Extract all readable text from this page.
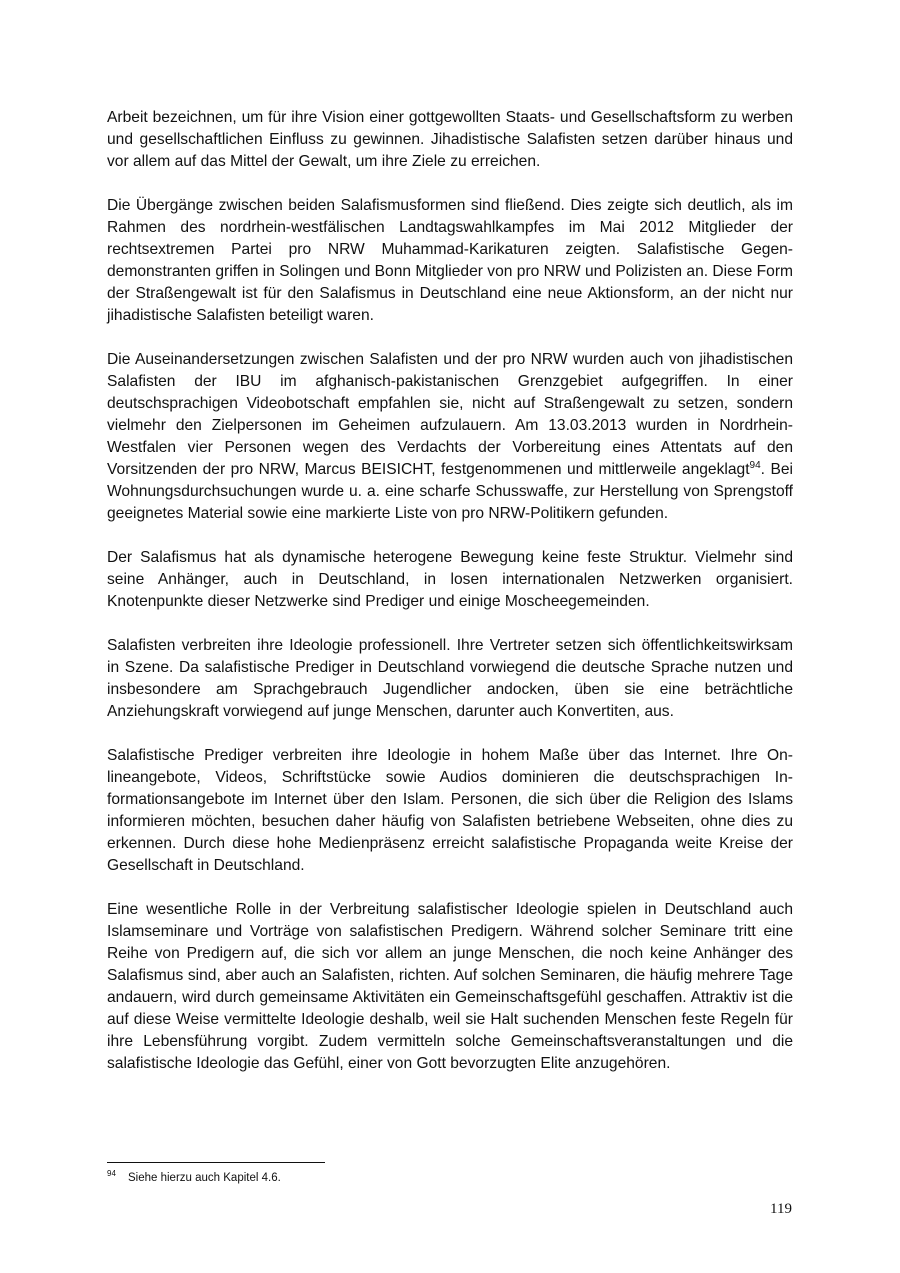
Arbeit bezeichnen, um für ihre Vision einer gottgewollten Staats- und Gesellschaftsform zu werben und gesellschaftlichen Einfluss zu gewinnen. Jihadistische Salafisten setzen darüber hinaus und vor allem auf das Mittel der Gewalt, um ihre Ziele zu erreichen.

Die Übergänge zwischen beiden Salafismusformen sind fließend. Dies zeigte sich deutlich, als im Rahmen des nordrhein-westfälischen Landtagswahlkampfes im Mai 2012 Mitglieder der rechtsextremen Partei pro NRW Muhammad-Karikaturen zeigten. Salafistische Gegendemonstranten griffen in Solingen und Bonn Mitglieder von pro NRW und Polizisten an. Diese Form der Straßengewalt ist für den Salafismus in Deutschland eine neue Aktionsform, an der nicht nur jihadistische Salafisten beteiligt waren.

Die Auseinandersetzungen zwischen Salafisten und der pro NRW wurden auch von jihadistischen Salafisten der IBU im afghanisch-pakistanischen Grenzgebiet aufgegriffen. In einer deutschsprachigen Videobotschaft empfahlen sie, nicht auf Straßengewalt zu setzen, sondern vielmehr den Zielpersonen im Geheimen aufzulauern. Am 13.03.2013 wurden in Nordrhein-Westfalen vier Personen wegen des Verdachts der Vorbereitung eines Attentats auf den Vorsitzenden der pro NRW, Marcus BEISICHT, festgenommenen und mittlerweile angeklagt$^{94}$. Bei Wohnungsdurchsuchungen wurde u. a. eine scharfe Schusswaffe, zur Herstellung von Sprengstoff geeignetes Material sowie eine markierte Liste von pro NRW-Politikern gefunden.

Der Salafismus hat als dynamische heterogene Bewegung keine feste Struktur. Vielmehr sind seine Anhänger, auch in Deutschland, in losen internationalen Netzwerken organisiert. Knotenpunkte dieser Netzwerke sind Prediger und einige Moscheegemeinden.

Salafisten verbreiten ihre Ideologie professionell. Ihre Vertreter setzen sich öffentlichkeitswirksam in Szene. Da salafistische Prediger in Deutschland vorwiegend die deutsche Sprache nutzen und insbesondere am Sprachgebrauch Jugendlicher andocken, üben sie eine beträchtliche Anziehungskraft vorwiegend auf junge Menschen, darunter auch Konvertiten, aus.

Salafistische Prediger verbreiten ihre Ideologie in hohem Maße über das Internet. Ihre Onlineangebote, Videos, Schriftstücke sowie Audios dominieren die deutschsprachigen Informationsangebote im Internet über den Islam. Personen, die sich über die Religion des Islams informieren möchten, besuchen daher häufig von Salafisten betriebene Webseiten, ohne dies zu erkennen. Durch diese hohe Medienpräsenz erreicht salafistische Propaganda weite Kreise der Gesellschaft in Deutschland.

Eine wesentliche Rolle in der Verbreitung salafistischer Ideologie spielen in Deutschland auch Islamseminare und Vorträge von salafistischen Predigern. Während solcher Seminare tritt eine Reihe von Predigern auf, die sich vor allem an junge Menschen, die noch keine Anhänger des Salafismus sind, aber auch an Salafisten, richten. Auf solchen Seminaren, die häufig mehrere Tage andauern, wird durch gemeinsame Aktivitäten ein Gemeinschaftsgefühl geschaffen. Attraktiv ist die auf diese Weise vermittelte Ideologie deshalb, weil sie Halt suchenden Menschen feste Regeln für ihre Lebensführung vorgibt. Zudem vermitteln solche Gemeinschaftsveranstaltungen und die salafistische Ideologie das Gefühl, einer von Gott bevorzugten Elite anzugehören.

94 Siehe hierzu auch Kapitel 4.6.
119
